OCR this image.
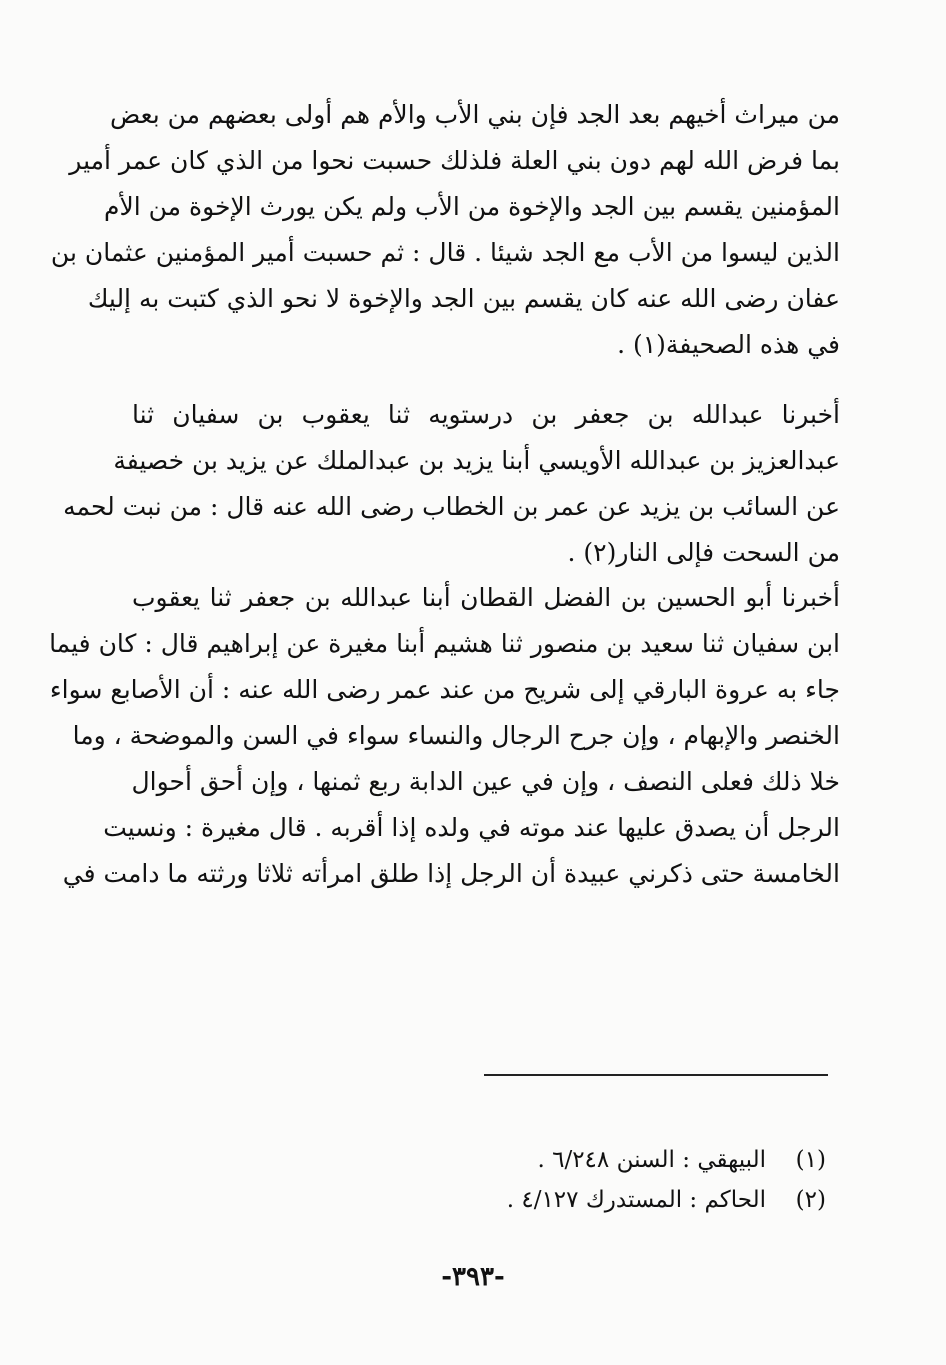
من ميراث أخيهم بعد الجد فإن بني الأب والأم هم أولى بعضهم من بعض
بما فرض الله لهم دون بني العلة فلذلك حسبت نحوا من الذي كان عمر أمير
المؤمنين يقسم بين الجد والإخوة من الأب ولم يكن يورث الإخوة من الأم
الذين ليسوا من الأب مع الجد شيئا . قال : ثم حسبت أمير المؤمنين عثمان بن
عفان رضى الله عنه كان يقسم بين الجد والإخوة لا نحو الذي كتبت به إليك
في هذه الصحيفة(١) .
أخبرنا عبدالله بن جعفر بن درستويه ثنا يعقوب بن سفيان ثنا
عبدالعزيز بن عبدالله الأويسي أبنا يزيد بن عبدالملك عن يزيد بن خصيفة
عن السائب بن يزيد عن عمر بن الخطاب رضى الله عنه قال : من نبت لحمه
من السحت فإلى النار(٢) .
أخبرنا أبو الحسين بن الفضل القطان أبنا عبدالله بن جعفر ثنا يعقوب
ابن سفيان ثنا سعيد بن منصور ثنا هشيم أبنا مغيرة عن إبراهيم قال : كان فيما
جاء به عروة البارقي إلى شريح من عند عمر رضى الله عنه : أن الأصابع سواء
الخنصر والإبهام ، وإن جرح الرجال والنساء سواء في السن والموضحة ، وما
خلا ذلك فعلى النصف ، وإن في عين الدابة ربع ثمنها ، وإن أحق أحوال
الرجل أن يصدق عليها عند موته في ولده إذا أقربه . قال مغيرة : ونسيت
الخامسة حتى ذكرني عبيدة أن الرجل إذا طلق امرأته ثلاثا ورثته ما دامت في
(١)
البيهقي : السنن ٦/٢٤٨ .
(٢)
الحاكم : المستدرك ٤/١٢٧ .
-٣٩٣-
